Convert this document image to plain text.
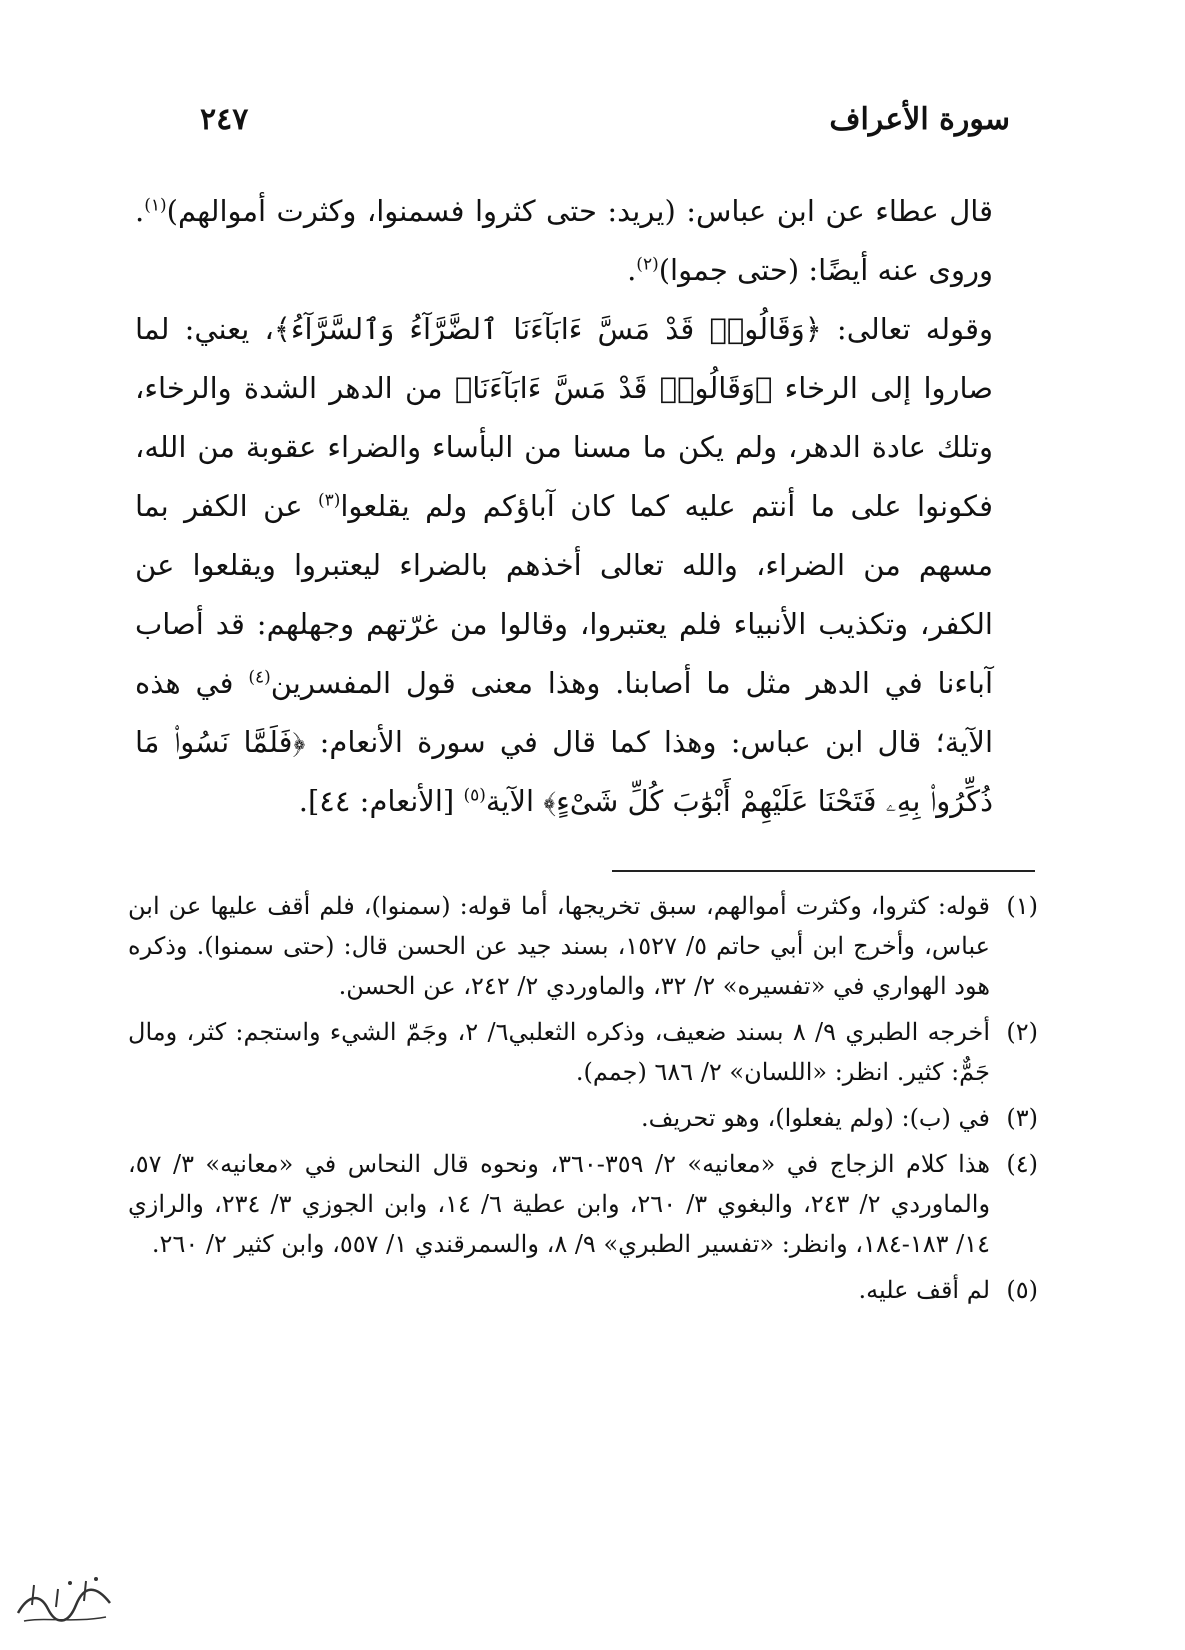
سورة الأعراف
٢٤٧

قال عطاء عن ابن عباس: (يريد: حتى كثروا فسمنوا، وكثرت أموالهم)$^{(١)}$. وروى عنه أيضًا: (حتى جموا)$^{(٢)}$.

وقوله تعالى: ﴿وَقَالُوا۟ قَدْ مَسَّ ءَابَآءَنَا ٱلضَّرَّآءُ وَٱلسَّرَّآءُ﴾، يعني: لما صاروا إلى الرخاء ﴿وَقَالُوا۟ قَدْ مَسَّ ءَابَآءَنَا﴾ من الدهر الشدة والرخاء، وتلك عادة الدهر، ولم يكن ما مسنا من البأساء والضراء عقوبة من الله، فكونوا على ما أنتم عليه كما كان آباؤكم ولم يقلعوا$^{(٣)}$ عن الكفر بما مسهم من الضراء، والله تعالى أخذهم بالضراء ليعتبروا ويقلعوا عن الكفر، وتكذيب الأنبياء فلم يعتبروا، وقالوا من غرّتهم وجهلهم: قد أصاب آباءنا في الدهر مثل ما أصابنا. وهذا معنى قول المفسرين$^{(٤)}$ في هذه الآية؛ قال ابن عباس: وهذا كما قال في سورة الأنعام: ﴿فَلَمَّا نَسُوا۟ مَا ذُكِّرُوا۟ بِهِۦ فَتَحْنَا عَلَيْهِمْ أَبْوَٰبَ كُلِّ شَىْءٍ﴾ الآية$^{(٥)}$ [الأنعام: ٤٤].

(١)
قوله: كثروا، وكثرت أموالهم، سبق تخريجها، أما قوله: (سمنوا)، فلم أقف عليها عن ابن عباس، وأخرج ابن أبي حاتم ٥/ ١٥٢٧، بسند جيد عن الحسن قال: (حتى سمنوا). وذكره هود الهواري في «تفسيره» ٢/ ٣٢، والماوردي ٢/ ٢٤٢، عن الحسن.
(٢)
أخرجه الطبري ٩/ ٨ بسند ضعيف، وذكره الثعلبي٦/ ٢، وجَمّ الشيء واستجم: كثر، ومال جَمٌّ: كثير. انظر: «اللسان» ٢/ ٦٨٦ (جمم).
(٣)
في (ب): (ولم يفعلوا)، وهو تحريف.
(٤)
هذا كلام الزجاج في «معانيه» ٢/ ٣٥٩-٣٦٠، ونحوه قال النحاس في «معانيه» ٣/ ٥٧، والماوردي ٢/ ٢٤٣، والبغوي ٣/ ٢٦٠، وابن عطية ٦/ ١٤، وابن الجوزي ٣/ ٢٣٤، والرازي ١٤/ ١٨٣-١٨٤، وانظر: «تفسير الطبري» ٩/ ٨، والسمرقندي ١/ ٥٥٧، وابن كثير ٢/ ٢٦٠.
(٥)
لم أقف عليه.
